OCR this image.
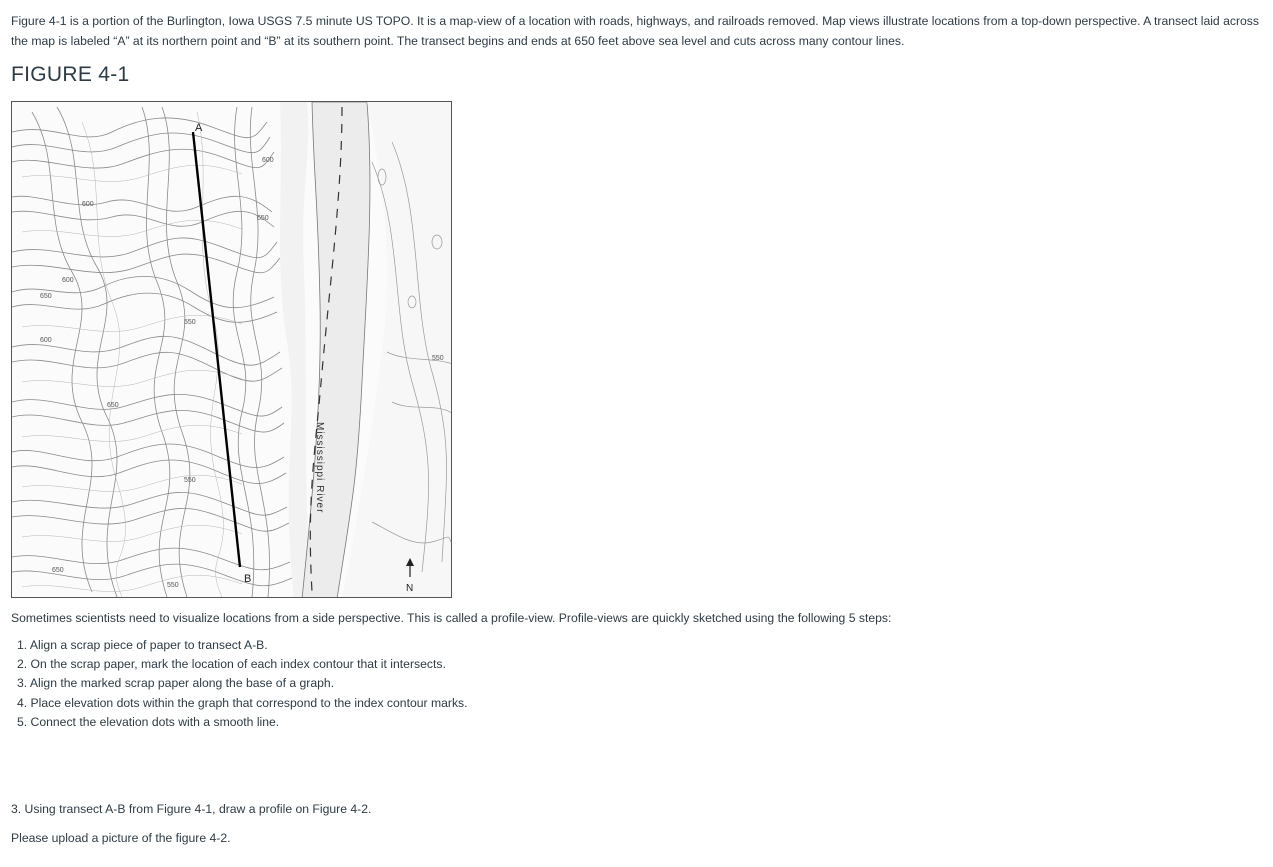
Figure 4-1 is a portion of the Burlington, Iowa USGS 7.5 minute US TOPO. It is a map-view of a location with roads, highways, and railroads removed. Map views illustrate locations from a top-down perspective. A transect laid across the map is labeled “A” at its northern point and “B” at its southern point. The transect begins and ends at 650 feet above sea level and cuts across many contour lines.

FIGURE 4-1
A
B
600
650
600
650
600
550
550
650
550
650
600
550
Mississippi River
N

Sometimes scientists need to visualize locations from a side perspective. This is called a profile-view. Profile-views are quickly sketched using the following 5 steps:

1. Align a scrap piece of paper to transect A-B.
2. On the scrap paper, mark the location of each index contour that it intersects.
3. Align the marked scrap paper along the base of a graph.
4. Place elevation dots within the graph that correspond to the index contour marks.
5. Connect the elevation dots with a smooth line.

3. Using transect A-B from Figure 4-1, draw a profile on Figure 4-2.

Please upload a picture of the figure 4-2.
